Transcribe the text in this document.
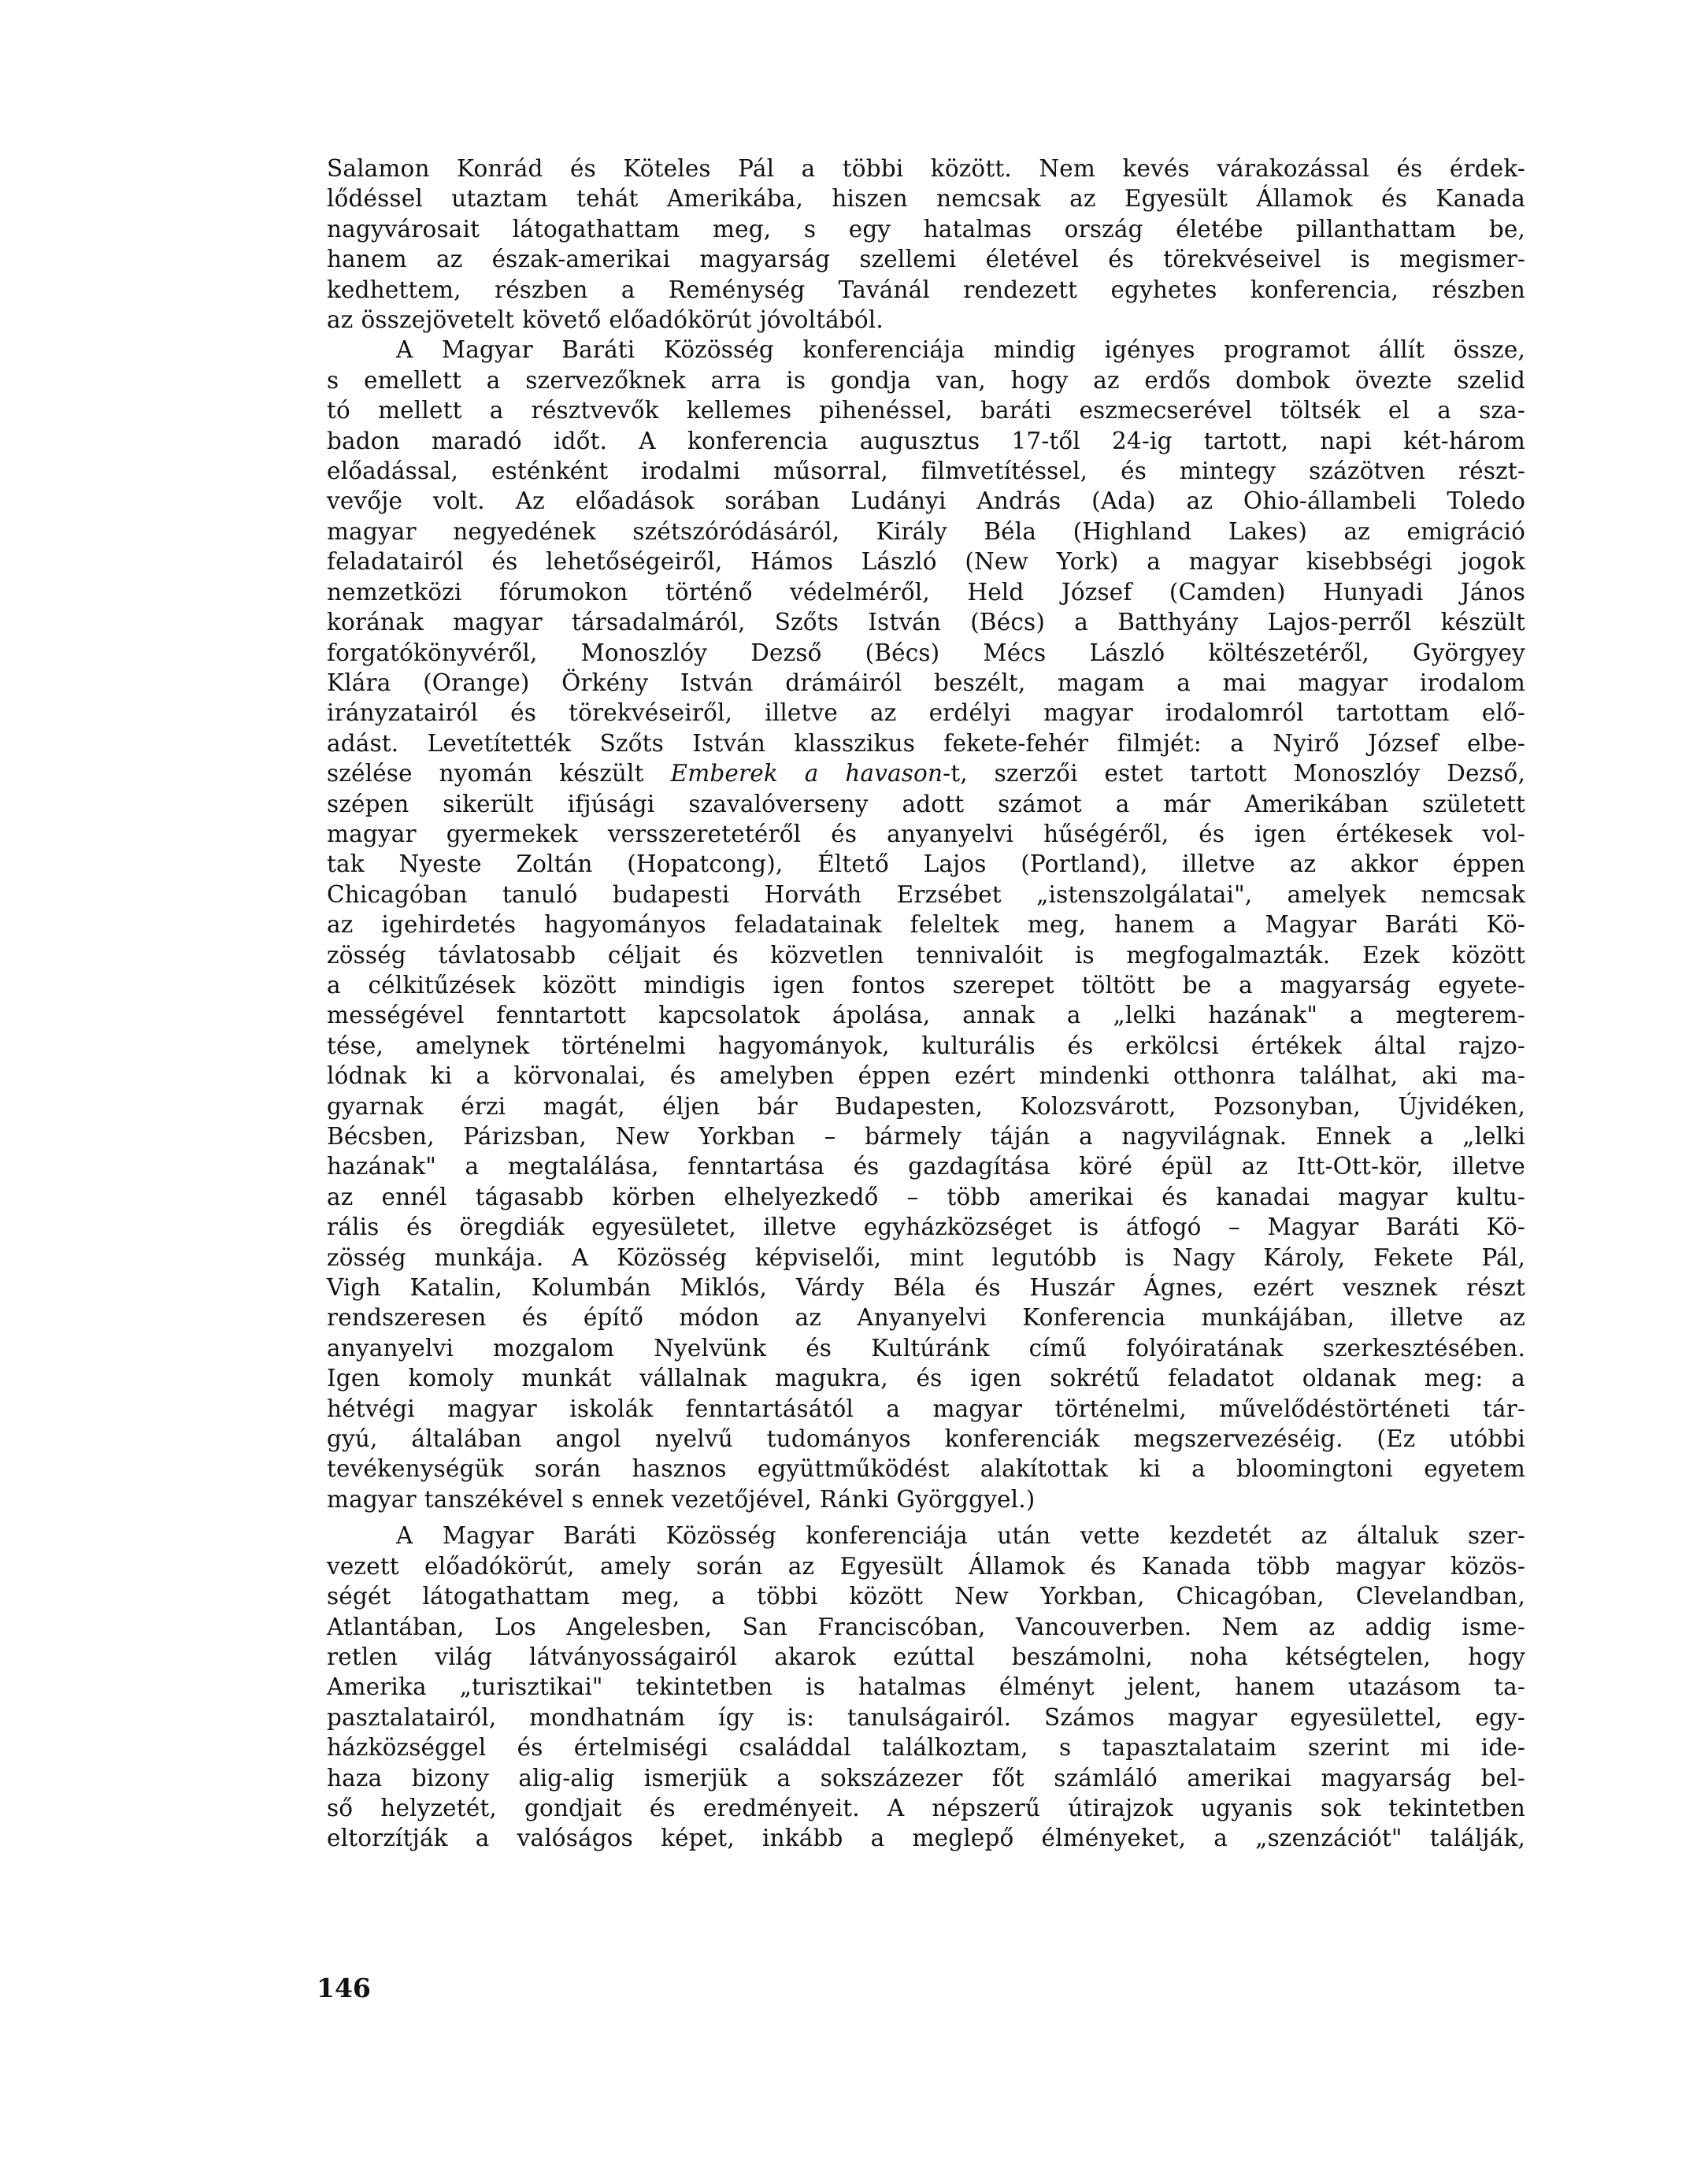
Salamon Konrád és Köteles Pál a többi között. Nem kevés várakozással és érdek-
lődéssel utaztam tehát Amerikába, hiszen nemcsak az Egyesült Államok és Kanada
nagyvárosait látogathattam meg, s egy hatalmas ország életébe pillanthattam be,
hanem az észak-amerikai magyarság szellemi életével és törekvéseivel is megismer-
kedhettem, részben a Reménység Tavánál rendezett egyhetes konferencia, részben
az összejövetelt követő előadókörút jóvoltából.
A Magyar Baráti Közösség konferenciája mindig igényes programot állít össze,
s emellett a szervezőknek arra is gondja van, hogy az erdős dombok övezte szelid
tó mellett a résztvevők kellemes pihenéssel, baráti eszmecserével töltsék el a sza-
badon maradó időt. A konferencia augusztus 17-től 24-ig tartott, napi két-három
előadással, esténként irodalmi műsorral, filmvetítéssel, és mintegy százötven részt-
vevője volt. Az előadások sorában Ludányi András (Ada) az Ohio-állambeli Toledo
magyar negyedének szétszóródásáról, Király Béla (Highland Lakes) az emigráció
feladatairól és lehetőségeiről, Hámos László (New York) a magyar kisebbségi jogok
nemzetközi fórumokon történő védelméről, Held József (Camden) Hunyadi János
korának magyar társadalmáról, Szőts István (Bécs) a Batthyány Lajos-perről készült
forgatókönyvéről, Monoszlóy Dezső (Bécs) Mécs László költészetéről, Györgyey
Klára (Orange) Örkény István drámáiról beszélt, magam a mai magyar irodalom
irányzatairól és törekvéseiről, illetve az erdélyi magyar irodalomról tartottam elő-
adást. Levetítették Szőts István klasszikus fekete-fehér filmjét: a Nyirő József elbe-
szélése nyomán készült Emberek a havason-t, szerzői estet tartott Monoszlóy Dezső,
szépen sikerült ifjúsági szavalóverseny adott számot a már Amerikában született
magyar gyermekek versszeretetéről és anyanyelvi hűségéről, és igen értékesek vol-
tak Nyeste Zoltán (Hopatcong), Éltető Lajos (Portland), illetve az akkor éppen
Chicagóban tanuló budapesti Horváth Erzsébet „istenszolgálatai", amelyek nemcsak
az igehirdetés hagyományos feladatainak feleltek meg, hanem a Magyar Baráti Kö-
zösség távlatosabb céljait és közvetlen tennivalóit is megfogalmazták. Ezek között
a célkitűzések között mindigis igen fontos szerepet töltött be a magyarság egyete-
mességével fenntartott kapcsolatok ápolása, annak a „lelki hazának" a megterem-
tése, amelynek történelmi hagyományok, kulturális és erkölcsi értékek által rajzo-
lódnak ki a körvonalai, és amelyben éppen ezért mindenki otthonra találhat, aki ma-
gyarnak érzi magát, éljen bár Budapesten, Kolozsvárott, Pozsonyban, Újvidéken,
Bécsben, Párizsban, New Yorkban – bármely táján a nagyvilágnak. Ennek a „lelki
hazának" a megtalálása, fenntartása és gazdagítása köré épül az Itt-Ott-kör, illetve
az ennél tágasabb körben elhelyezkedő – több amerikai és kanadai magyar kultu-
rális és öregdiák egyesületet, illetve egyházközséget is átfogó – Magyar Baráti Kö-
zösség munkája. A Közösség képviselői, mint legutóbb is Nagy Károly, Fekete Pál,
Vigh Katalin, Kolumbán Miklós, Várdy Béla és Huszár Ágnes, ezért vesznek részt
rendszeresen és építő módon az Anyanyelvi Konferencia munkájában, illetve az
anyanyelvi mozgalom Nyelvünk és Kultúránk című folyóiratának szerkesztésében.
Igen komoly munkát vállalnak magukra, és igen sokrétű feladatot oldanak meg: a
hétvégi magyar iskolák fenntartásától a magyar történelmi, művelődéstörténeti tár-
gyú, általában angol nyelvű tudományos konferenciák megszervezéséig. (Ez utóbbi
tevékenységük során hasznos együttműködést alakítottak ki a bloomingtoni egyetem
magyar tanszékével s ennek vezetőjével, Ránki Györggyel.)
A Magyar Baráti Közösség konferenciája után vette kezdetét az általuk szer-
vezett előadókörút, amely során az Egyesült Államok és Kanada több magyar közös-
ségét látogathattam meg, a többi között New Yorkban, Chicagóban, Clevelandban,
Atlantában, Los Angelesben, San Franciscóban, Vancouverben. Nem az addig isme-
retlen világ látványosságairól akarok ezúttal beszámolni, noha kétségtelen, hogy
Amerika „turisztikai" tekintetben is hatalmas élményt jelent, hanem utazásom ta-
pasztalatairól, mondhatnám így is: tanulságairól. Számos magyar egyesülettel, egy-
házközséggel és értelmiségi családdal találkoztam, s tapasztalataim szerint mi ide-
haza bizony alig-alig ismerjük a sokszázezer főt számláló amerikai magyarság bel-
ső helyzetét, gondjait és eredményeit. A népszerű útirajzok ugyanis sok tekintetben
eltorzítják a valóságos képet, inkább a meglepő élményeket, a „szenzációt" találják,
146
